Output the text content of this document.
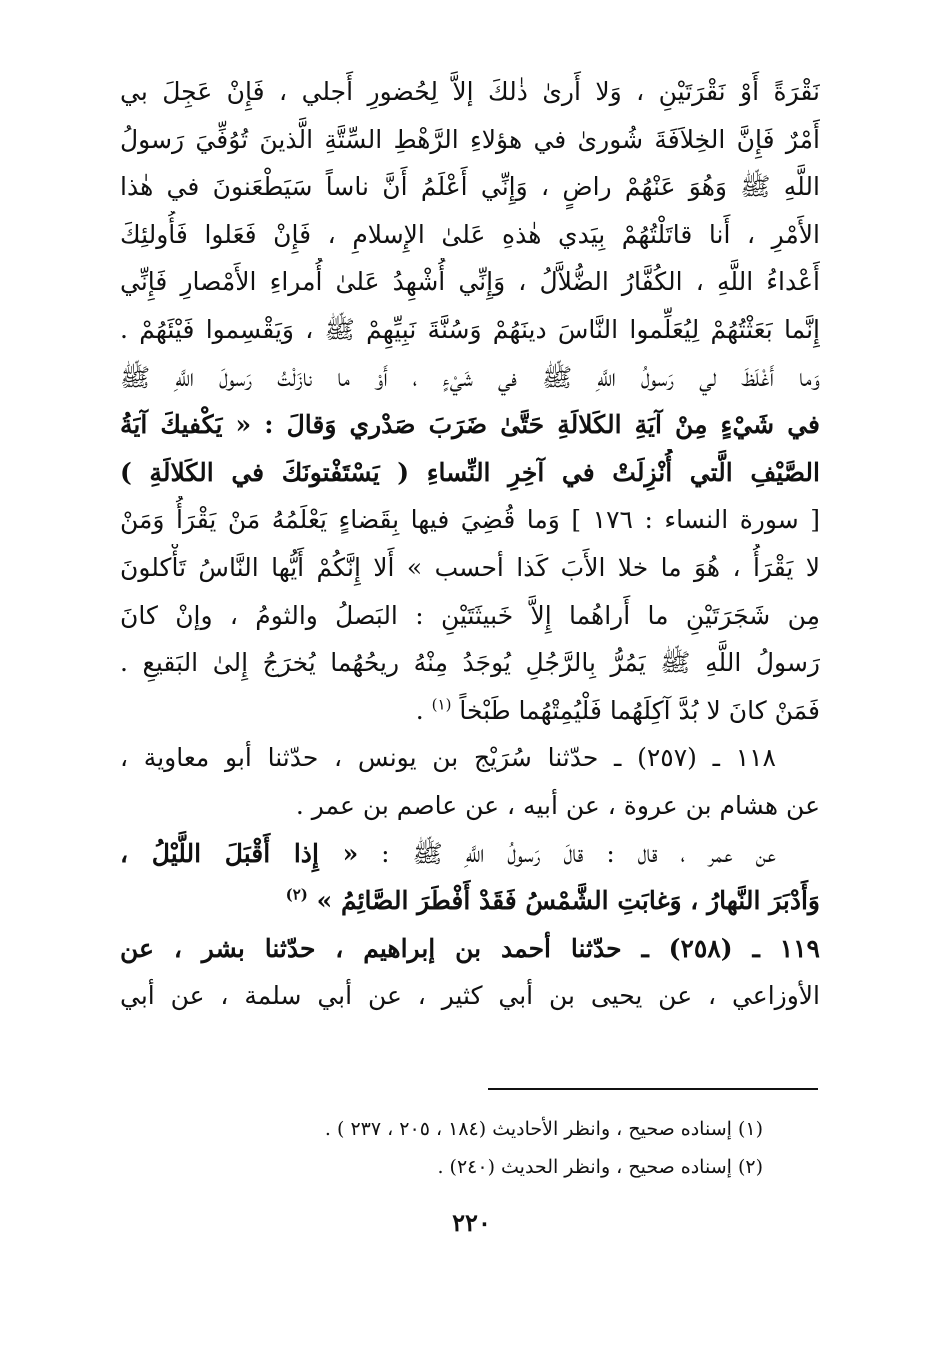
نَقْرَةً أَوْ نَقْرَتَيْنِ ، وَلا أَرىٰ ذٰلكَ إلاَّ لِحُضورِ أَجلي ، فَإِنْ عَجِلَ بي
أَمْرٌ فَإِنَّ الخِلاَفَةَ شُورىٰ في هؤلاءِ الرَّهْطِ السِّتَّةِ الَّذينَ تُوُفِّيَ رَسولُ
اللَّهِ ﷺ وَهُوَ عَنْهُمْ راضٍ ، وَإِنِّي أَعْلَمُ أَنَّ ناساً سَيَطْعَنونَ في هٰذا
الأَمْرِ ، أَنا قاتَلْتُهُمْ بِيَدي هٰذهِ عَلىٰ الإِسلامِ ، فَإِنْ فَعَلوا فَأُولئِكَ
أَعْداءُ اللَّهِ ، الكُفَّارُ الضُّلاَّلُ ، وَإِنِّي أُشْهِدُ عَلىٰ أُمراءِ الأَمْصارِ فَإِنِّي
إِنَّما بَعَثْتُهُمْ لِيُعَلِّموا النَّاسَ دينَهُمْ وَسُنَّةَ نَبِيِّهِمْ ﷺ ، وَيَقْسِموا فَيْئَهُمْ .
وَما أَغْلَظَ لي رَسولُ اللَّهِ ﷺ في شَيْءٍ ، أَوْ ما نازَلْتُ رَسولَ اللَّهِ ﷺ
في شَيْءٍ مِنْ آيَةِ الكَلالَةِ حَتَّىٰ ضَرَبَ صَدْري وَقالَ : « يَكْفيكَ آيَةُ
الصَّيْفِ الَّتي أُنْزِلَتْ في آخِرِ النِّساءِ ( يَسْتَفْتونَكَ في الكَلالَةِ )
[ سورة النساء : ١٧٦ ] وَما قُضِيَ فيها بِقَضاءٍ يَعْلَمُهُ مَنْ يَقْرَأُ وَمَنْ
لا يَقْرَأُ ، هُوَ ما خلا الأَبَ كَذا أحسب » أَلا إِنَّكُمْ أَيُّها النَّاسُ تَأْكلونَ
مِن شَجَرَتَيْنِ ما أَراهُما إِلاَّ خَبيثَتَيْنِ : البَصلُ والثومُ ، وإنْ كانَ
رَسولُ اللَّهِ ﷺ يَمُرُّ بِالرَّجُلِ يُوجَدُ مِنْهُ ريحُهُما يُخرَجُ إِلىٰ البَقيعِ .
فَمَنْ كانَ لا بُدَّ آكِلَهُما فَلْيُمِتْهُما طَبْخاً $^{(١)}$ .
١١٨ ـ (٢٥٧) ـ حدّثنا سُرَيْج بن يونس ، حدّثنا أبو معاوية ،
عن هشام بن عروة ، عن أبيه ، عن عاصم بن عمر .
عن عمر ، قال : قالَ رَسولُ اللَّهِ ﷺ : « إِذا أَقْبَلَ اللَّيْلُ ،
وَأَدْبَرَ النَّهارُ ، وَغابَتِ الشَّمْسُ فَقَدْ أَفْطَرَ الصَّائِمُ » $^{(٢)}$
١١٩ ـ (٢٥٨) ـ حدّثنا أحمد بن إبراهيم ، حدّثنا بشر ، عن
الأوزاعي ، عن يحيى بن أبي كثير ، عن أبي سلمة ، عن أبي
(١) إسناده صحيح ، وانظر الأحاديث (١٨٤ ، ٢٠٥ ، ٢٣٧ ) .
(٢) إسناده صحيح ، وانظر الحديث (٢٤٠) .
٢٢٠
